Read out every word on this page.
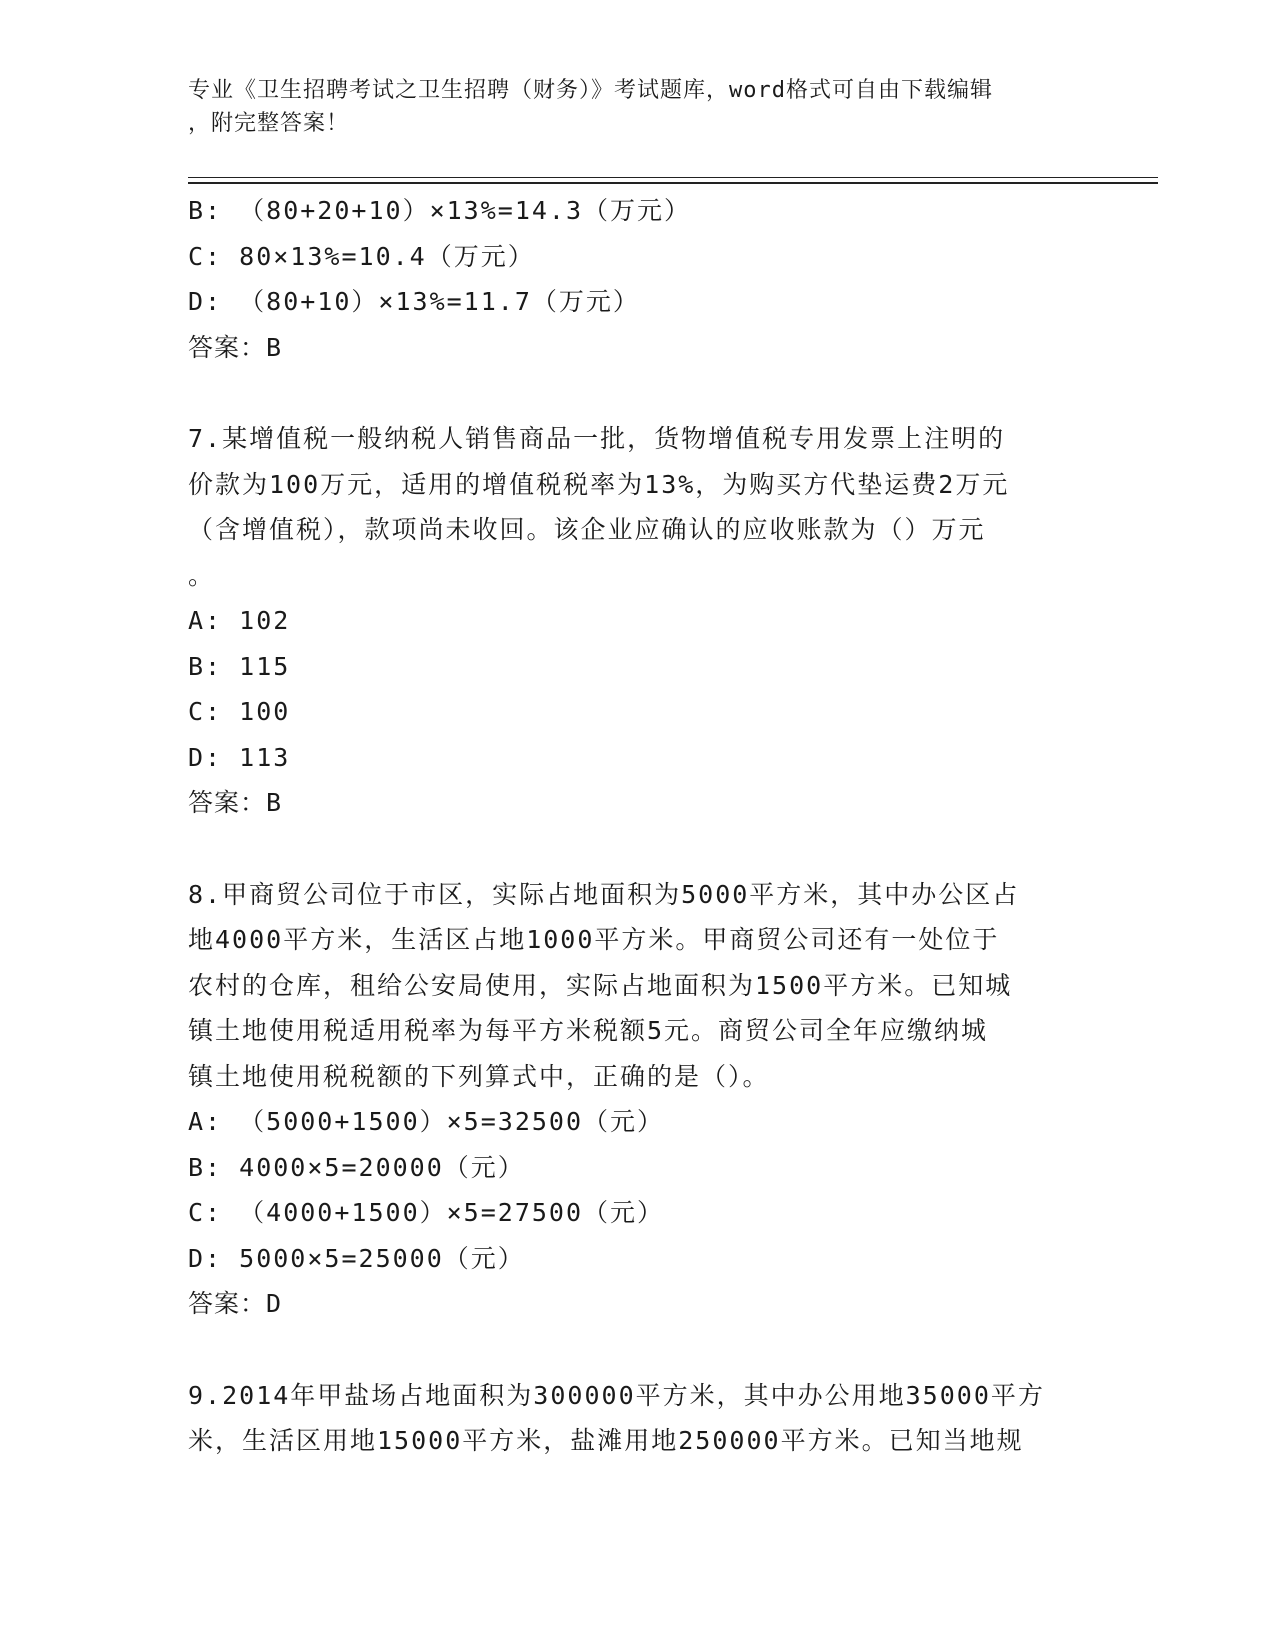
专业《卫生招聘考试之卫生招聘（财务）》考试题库，word格式可自由下载编辑
，附完整答案！
B: （80+20+10）×13%=14.3（万元）
C: 80×13%=10.4（万元）
D: （80+10）×13%=11.7（万元）
答案：B
7.某增值税一般纳税人销售商品一批，货物增值税专用发票上注明的
价款为100万元，适用的增值税税率为13%，为购买方代垫运费2万元
（含增值税），款项尚未收回。该企业应确认的应收账款为（）万元
。
A: 102
B: 115
C: 100
D: 113
答案：B
8.甲商贸公司位于市区，实际占地面积为5000平方米，其中办公区占
地4000平方米，生活区占地1000平方米。甲商贸公司还有一处位于
农村的仓库，租给公安局使用，实际占地面积为1500平方米。已知城
镇土地使用税适用税率为每平方米税额5元。商贸公司全年应缴纳城
镇土地使用税税额的下列算式中，正确的是（）。
A: （5000+1500）×5=32500（元）
B: 4000×5=20000（元）
C: （4000+1500）×5=27500（元）
D: 5000×5=25000（元）
答案：D
9.2014年甲盐场占地面积为300000平方米，其中办公用地35000平方
米，生活区用地15000平方米，盐滩用地250000平方米。已知当地规
